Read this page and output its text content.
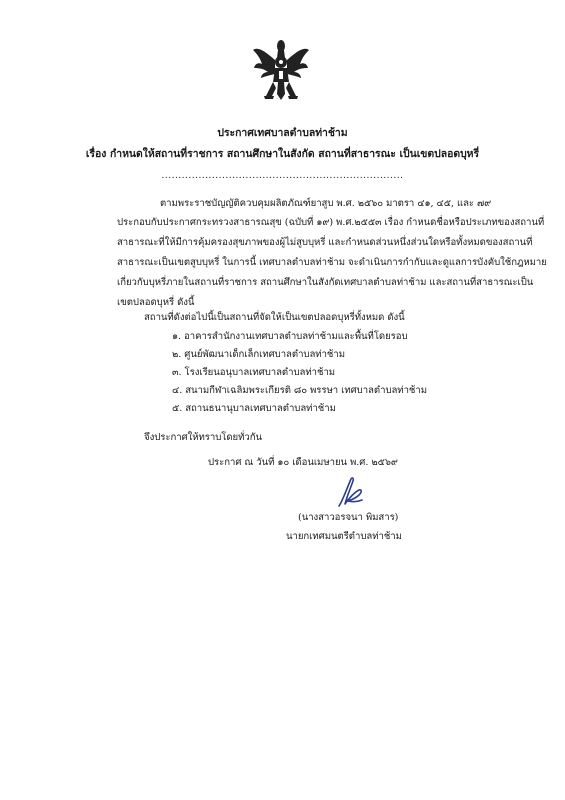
ประกาศเทศบาลตำบลท่าช้าม
เรื่อง กำหนดให้สถานที่ราชการ สถานศึกษาในสังกัด สถานที่สาธารณะ เป็นเขตปลอดบุหรี่
........................................................................
ตามพระราชบัญญัติควบคุมผลิตภัณฑ์ยาสูบ พ.ศ. ๒๕๖๐ มาตรา ๔๑, ๔๕, และ ๗๙
ประกอบกับประกาศกระทรวงสาธารณสุข (ฉบับที่ ๑๙) พ.ศ.๒๕๕๓ เรื่อง กำหนดชื่อหรือประเภทของสถานที่
สาธารณะที่ให้มีการคุ้มครองสุขภาพของผู้ไม่สูบบุหรี่ และกำหนดส่วนหนึ่งส่วนใดหรือทั้งหมดของสถานที่
สาธารณะเป็นเขตสูบบุหรี่ ในการนี้ เทศบาลตำบลท่าช้าม จะดำเนินการกำกับและดูแลการบังคับใช้กฎหมาย
เกี่ยวกับบุหรี่ภายในสถานที่ราชการ สถานศึกษาในสังกัดเทศบาลตำบลท่าช้าม และสถานที่สาธารณะเป็น
เขตปลอดบุหรี่ ดังนี้
สถานที่ดังต่อไปนี้เป็นสถานที่จัดให้เป็นเขตปลอดบุหรี่ทั้งหมด ดังนี้
๑. อาคารสำนักงานเทศบาลตำบลท่าช้ามและพื้นที่โดยรอบ
๒. ศูนย์พัฒนาเด็กเล็กเทศบาลตำบลท่าช้าม
๓. โรงเรียนอนุบาลเทศบาลตำบลท่าช้าม
๔. สนามกีฬาเฉลิมพระเกียรติ ๘๐ พรรษา เทศบาลตำบลท่าช้าม
๕. สถานธนานุบาลเทศบาลตำบลท่าช้าม
จึงประกาศให้ทราบโดยทั่วกัน
ประกาศ ณ วันที่ ๑๐ เดือนเมษายน พ.ศ. ๒๕๖๙
(นางสาวอรจนา พิมสาร)
นายกเทศมนตรีตำบลท่าช้าม
